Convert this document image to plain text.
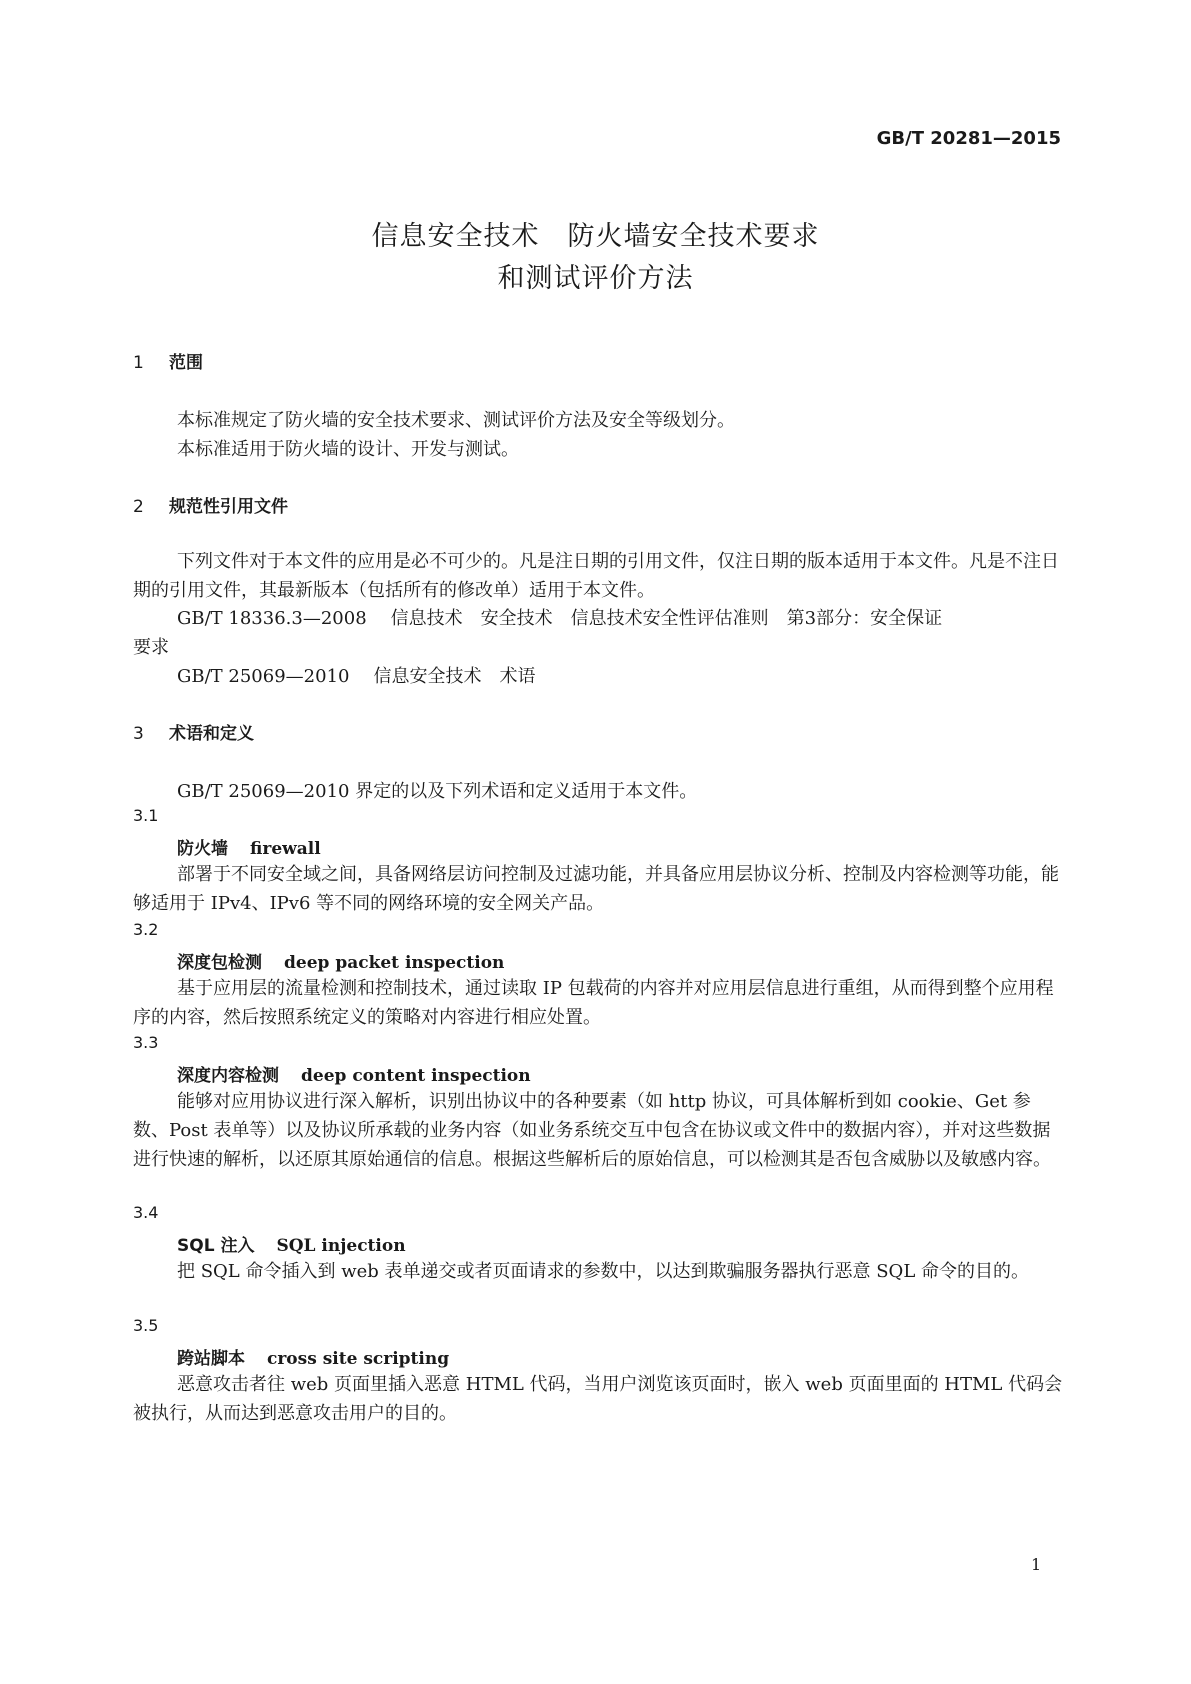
GB/T 20281—2015
信息安全技术　防火墙安全技术要求
和测试评价方法
1 范围
本标准规定了防火墙的安全技术要求、测试评价方法及安全等级划分。
本标准适用于防火墙的设计、开发与测试。
2 规范性引用文件
下列文件对于本文件的应用是必不可少的。凡是注日期的引用文件，仅注日期的版本适用于本文件。凡是不注日期的引用文件，其最新版本（包括所有的修改单）适用于本文件。
GB/T 18336.3—2008 信息技术　安全技术　信息技术安全性评估准则　第3部分：安全保证
要求
GB/T 25069—2010 信息安全技术　术语
3 术语和定义
GB/T 25069—2010 界定的以及下列术语和定义适用于本文件。
3.1
防火墙 firewall
部署于不同安全域之间，具备网络层访问控制及过滤功能，并具备应用层协议分析、控制及内容检测等功能，能够适用于 IPv4、IPv6 等不同的网络环境的安全网关产品。
3.2
深度包检测 deep packet inspection
基于应用层的流量检测和控制技术，通过读取 IP 包载荷的内容并对应用层信息进行重组，从而得到整个应用程序的内容，然后按照系统定义的策略对内容进行相应处置。
3.3
深度内容检测 deep content inspection
能够对应用协议进行深入解析，识别出协议中的各种要素（如 http 协议，可具体解析到如 cookie、Get 参数、Post 表单等）以及协议所承载的业务内容（如业务系统交互中包含在协议或文件中的数据内容），并对这些数据进行快速的解析，以还原其原始通信的信息。根据这些解析后的原始信息，可以检测其是否包含威胁以及敏感内容。
3.4
SQL 注入 SQL injection
把 SQL 命令插入到 web 表单递交或者页面请求的参数中，以达到欺骗服务器执行恶意 SQL 命令的目的。
3.5
跨站脚本 cross site scripting
恶意攻击者往 web 页面里插入恶意 HTML 代码，当用户浏览该页面时，嵌入 web 页面里面的 HTML 代码会被执行，从而达到恶意攻击用户的目的。
1
